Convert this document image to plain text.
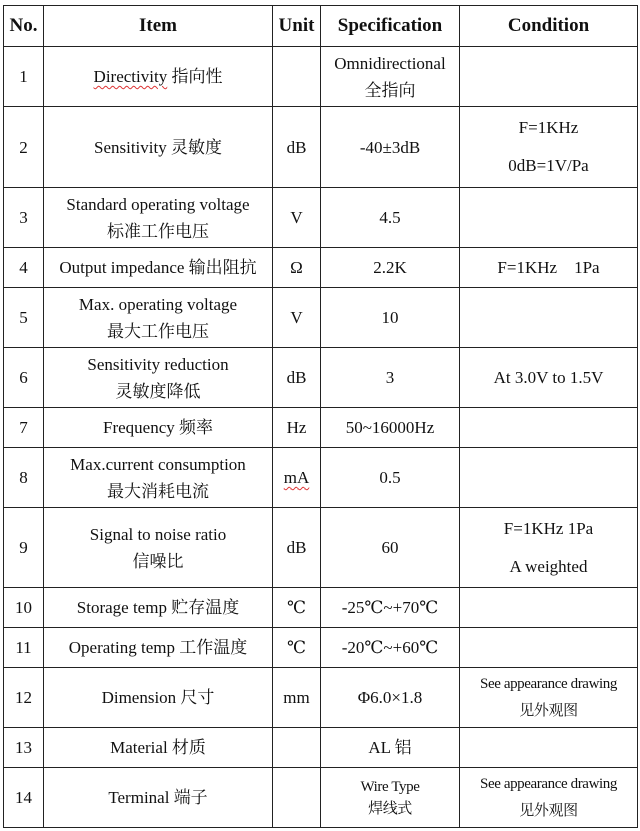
No.	Item	Unit	Specification	Condition
1	Directivity 指向性		Omnidirectional
全指向	

2	Sensitivity 灵敏度	dB	-40±3dB	F=1KHz
0dB=1V/Pa

3	Standard operating voltage
标准工作电压	V	4.5	
4	Output impedance 输出阻抗	Ω	2.2K	F=1KHz　1Pa
5	Max. operating voltage
最大工作电压	V	10	
6	Sensitivity reduction
灵敏度降低	dB	3	At 3.0V to 1.5V
7	Frequency 频率	Hz	50~16000Hz	
8	Max.current consumption
最大消耗电流	mA	0.5	
9	Signal to noise ratio
信噪比	dB	60	F=1KHz 1Pa
A weighted

10	Storage temp 贮存温度	℃	-25℃~+70℃	
11	Operating temp 工作温度	℃	-20℃~+60℃	
12	Dimension 尺寸	mm	Φ6.0×1.8	See appearance drawing
见外观图

13	Material 材质		AL 铝	
14	Terminal 端子		Wire Type
焊线式	See appearance drawing
见外观图
